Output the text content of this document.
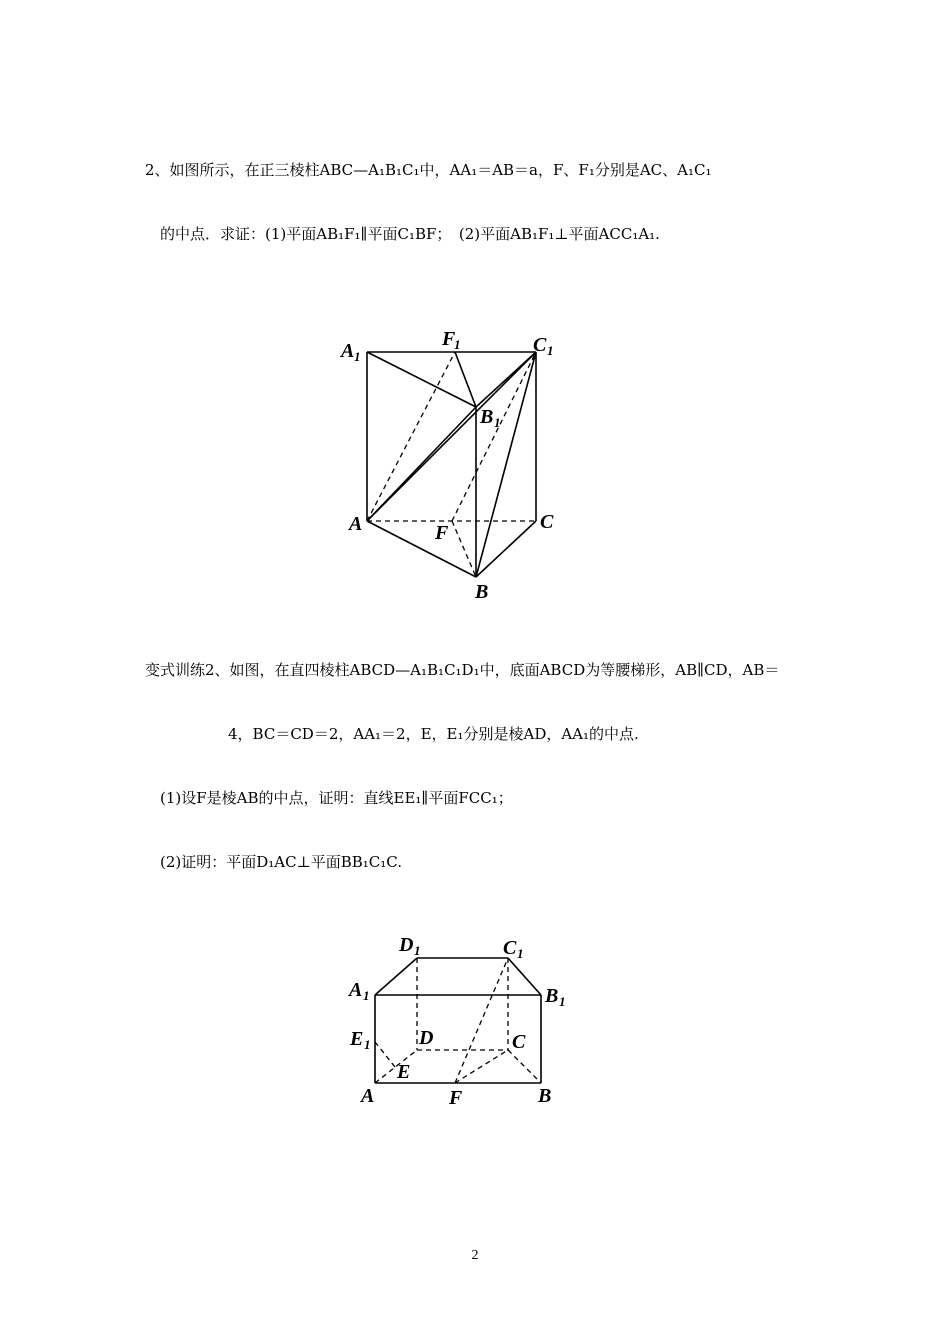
2、如图所示，在正三棱柱ABC—A₁B₁C₁中，AA₁＝AB＝a，F、F₁分别是AC、A₁C₁
的中点．求证：(1)平面AB₁F₁∥平面C₁BF；　(2)平面AB₁F₁⊥平面ACC₁A₁.
A 1
F
1	C 1
B 1
A	F	C
B
变式训练2、如图，在直四棱柱ABCD—A₁B₁C₁D₁中，底面ABCD为等腰梯形，AB∥CD，AB＝
4，BC＝CD＝2，AA₁＝2，E，E₁分别是棱AD，AA₁的中点.
(1)设F是棱AB的中点，证明：直线EE₁∥平面FCC₁；
(2)证明：平面D₁AC⊥平面BB₁C₁C.
D 1	C 1
A 1	B 1
E 1 D	C
E
A	F	B
2
